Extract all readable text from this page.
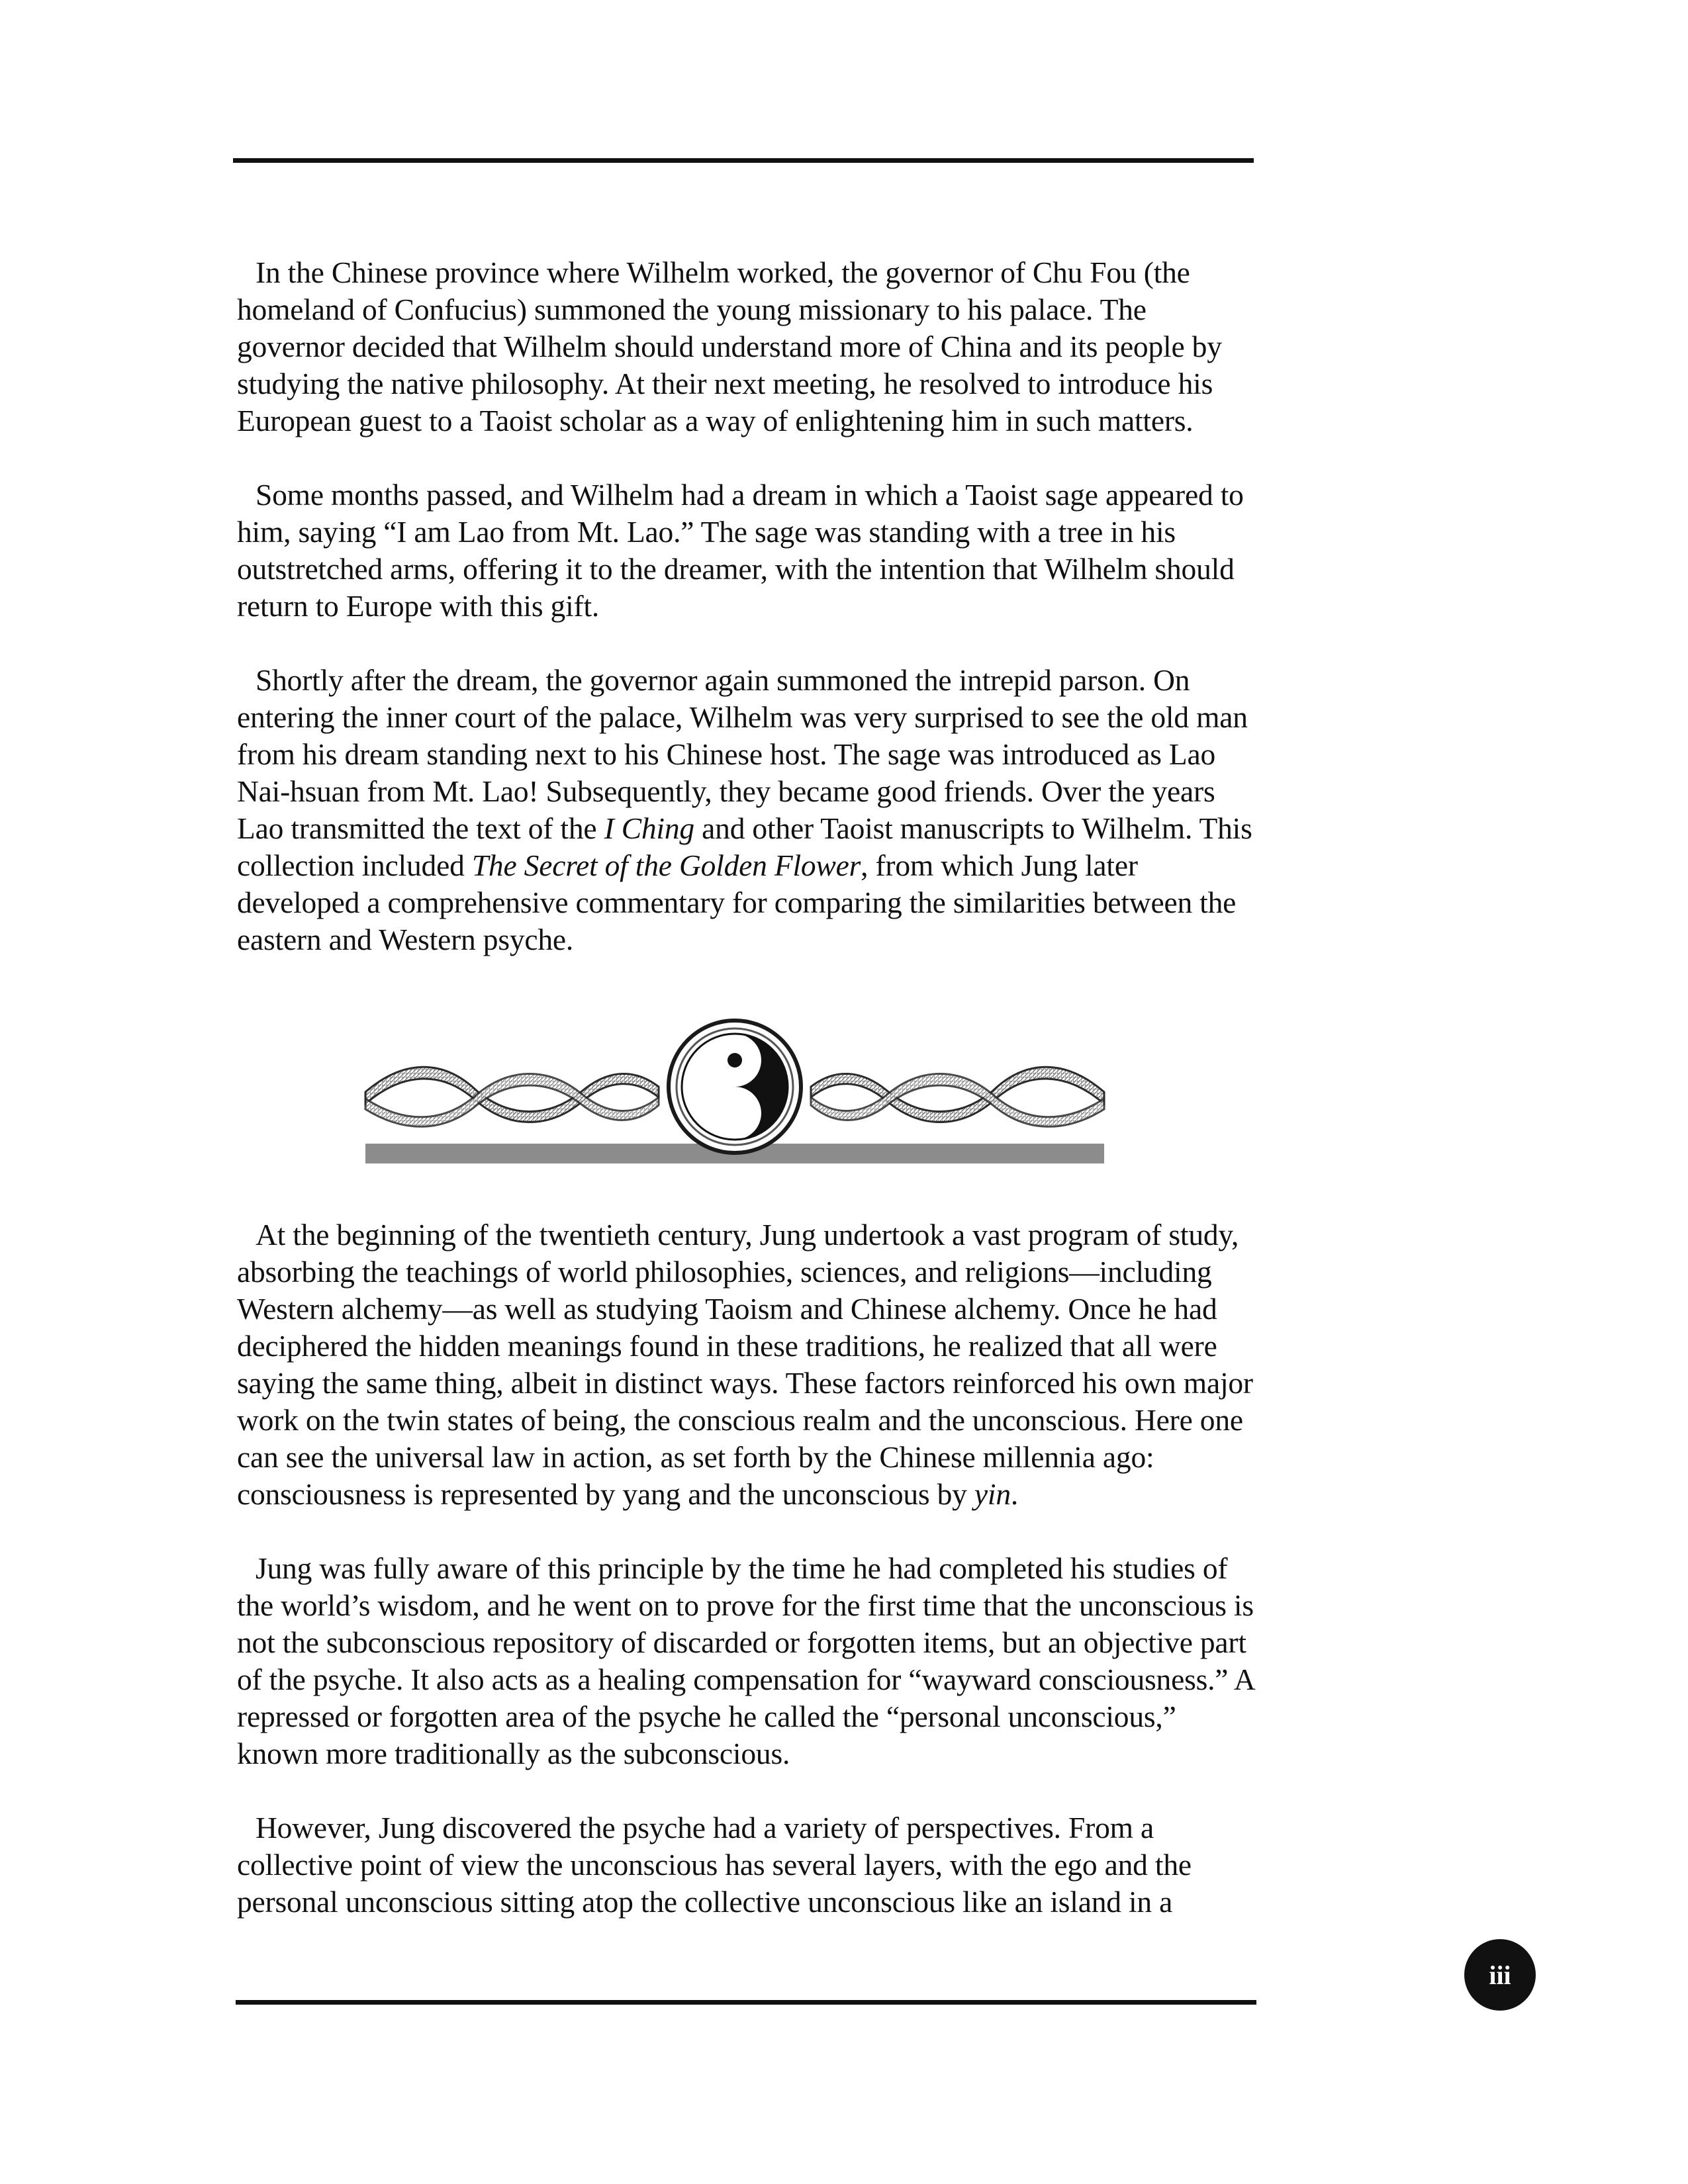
In the Chinese province where Wilhelm worked, the governor of Chu Fou (the homeland of Confucius) summoned the young missionary to his palace. The governor decided that Wilhelm should understand more of China and its people by studying the native philosophy. At their next meeting, he resolved to introduce his European guest to a Taoist scholar as a way of enlightening him in such matters.

Some months passed, and Wilhelm had a dream in which a Taoist sage appeared to him, saying “I am Lao from Mt. Lao.” The sage was standing with a tree in his outstretched arms, offering it to the dreamer, with the intention that Wilhelm should return to Europe with this gift.

Shortly after the dream, the governor again summoned the intrepid parson. On entering the inner court of the palace, Wilhelm was very surprised to see the old man from his dream standing next to his Chinese host. The sage was introduced as Lao Nai-hsuan from Mt. Lao! Subsequently, they became good friends. Over the years Lao transmitted the text of the I Ching and other Taoist manuscripts to Wilhelm. This collection included The Secret of the Golden Flower, from which Jung later developed a comprehensive commentary for comparing the similarities between the eastern and Western psyche.

At the beginning of the twentieth century, Jung undertook a vast program of study, absorbing the teachings of world philosophies, sciences, and religions—including Western alchemy—as well as studying Taoism and Chinese alchemy. Once he had deciphered the hidden meanings found in these traditions, he realized that all were saying the same thing, albeit in distinct ways. These factors reinforced his own major work on the twin states of being, the conscious realm and the unconscious. Here one can see the universal law in action, as set forth by the Chinese millennia ago: consciousness is represented by yang and the unconscious by yin.

Jung was fully aware of this principle by the time he had completed his studies of the world’s wisdom, and he went on to prove for the first time that the unconscious is not the subconscious repository of discarded or forgotten items, but an objective part of the psyche. It also acts as a healing compensation for “wayward consciousness.” A repressed or forgotten area of the psyche he called the “personal unconscious,” known more traditionally as the subconscious.

However, Jung discovered the psyche had a variety of perspectives. From a collective point of view the unconscious has several layers, with the ego and the personal unconscious sitting atop the collective unconscious like an island in a

iii
